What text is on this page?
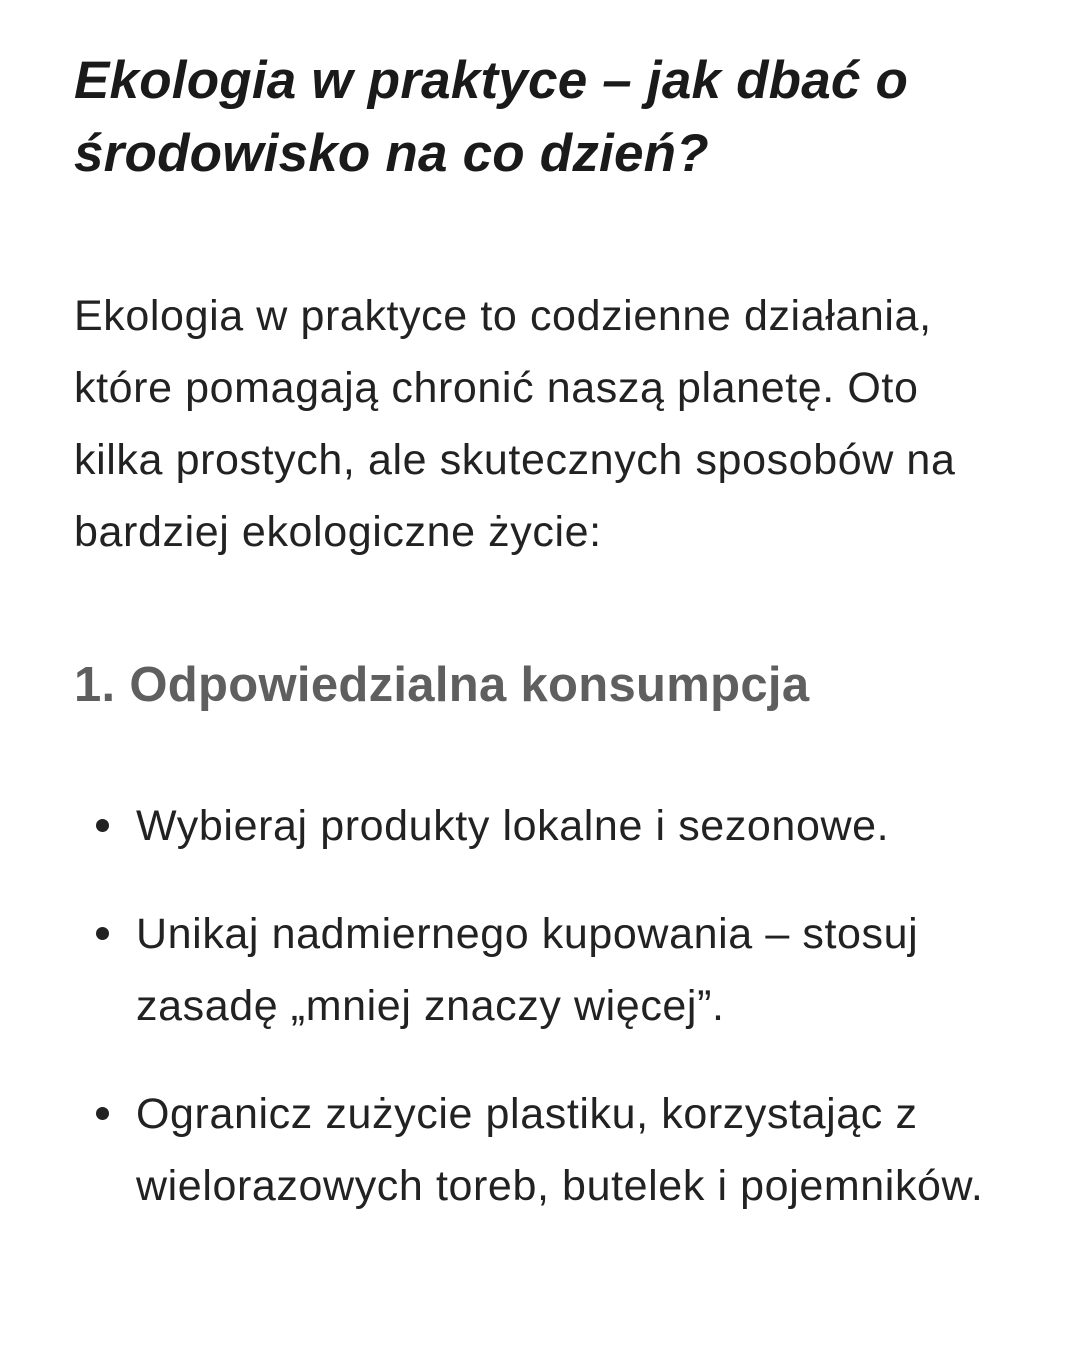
Ekologia w praktyce – jak dbać o środowisko na co dzień?

Ekologia w praktyce to codzienne działania, które pomagają chronić naszą planetę. Oto kilka prostych, ale skutecznych sposobów na bardziej ekologiczne życie:

1. Odpowiedzialna konsumpcja
Wybieraj produkty lokalne i sezonowe.
Unikaj nadmiernego kupowania – stosuj zasadę „mniej znaczy więcej”.
Ogranicz zużycie plastiku, korzystając z wielorazowych toreb, butelek i pojemników.
